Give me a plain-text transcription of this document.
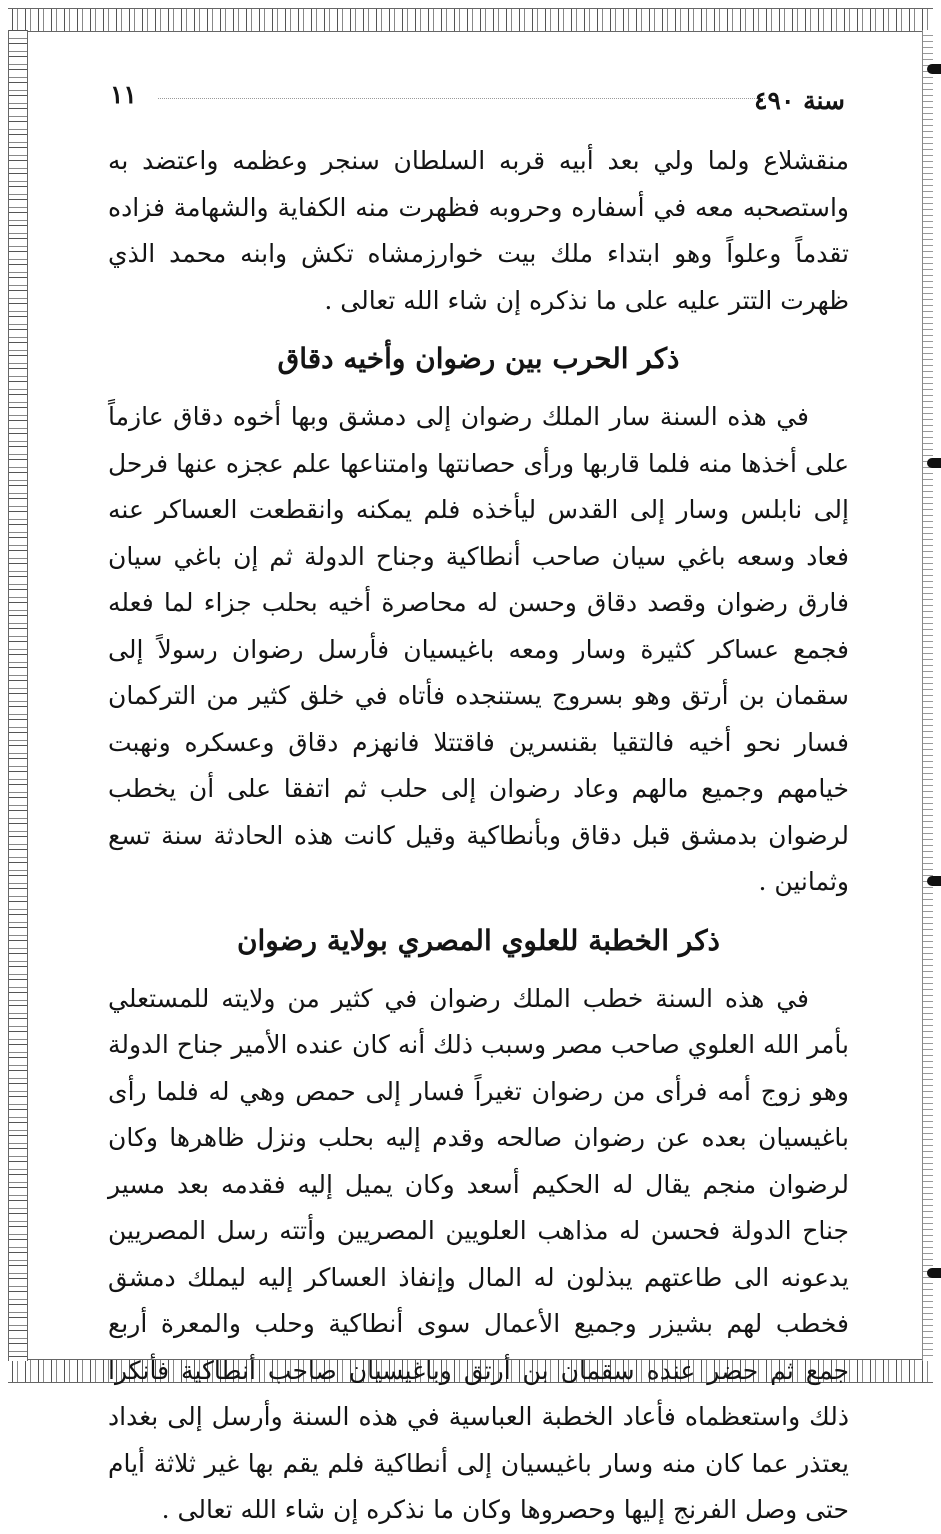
١١	سنة ٤٩٠

منقشلاع ولما ولي بعد أبيه قربه السلطان سنجر وعظمه واعتضد به واستصحبه معه في أسفاره وحروبه فظهرت منه الكفاية والشهامة فزاده تقدماً وعلواً وهو ابتداء ملك بيت خوارزمشاه تكش وابنه محمد الذي ظهرت التتر عليه على ما نذكره إن شاء الله تعالى .

ذكر الحرب بين رضوان وأخيه دقاق

في هذه السنة سار الملك رضوان إلى دمشق وبها أخوه دقاق عازماً على أخذها منه فلما قاربها ورأى حصانتها وامتناعها علم عجزه عنها فرحل إلى نابلس وسار إلى القدس ليأخذه فلم يمكنه وانقطعت العساكر عنه فعاد وسعه باغي سيان صاحب أنطاكية وجناح الدولة ثم إن باغي سيان فارق رضوان وقصد دقاق وحسن له محاصرة أخيه بحلب جزاء لما فعله فجمع عساكر كثيرة وسار ومعه باغيسيان فأرسل رضوان رسولاً إلى سقمان بن أرتق وهو بسروج يستنجده فأتاه في خلق كثير من التركمان فسار نحو أخيه فالتقيا بقنسرين فاقتتلا فانهزم دقاق وعسكره ونهبت خيامهم وجميع مالهم وعاد رضوان إلى حلب ثم اتفقا على أن يخطب لرضوان بدمشق قبل دقاق وبأنطاكية وقيل كانت هذه الحادثة سنة تسع وثمانين .

ذكر الخطبة للعلوي المصري بولاية رضوان

في هذه السنة خطب الملك رضوان في كثير من ولايته للمستعلي بأمر الله العلوي صاحب مصر وسبب ذلك أنه كان عنده الأمير جناح الدولة وهو زوج أمه فرأى من رضوان تغيراً فسار إلى حمص وهي له فلما رأى باغيسيان بعده عن رضوان صالحه وقدم إليه بحلب ونزل ظاهرها وكان لرضوان منجم يقال له الحكيم أسعد وكان يميل إليه فقدمه بعد مسير جناح الدولة فحسن له مذاهب العلويين المصريين وأتته رسل المصريين يدعونه الى طاعتهم يبذلون له المال وإنفاذ العساكر إليه ليملك دمشق فخطب لهم بشيزر وجميع الأعمال سوى أنطاكية وحلب والمعرة أربع جمع ثم حضر عنده سقمان بن أرتق وباغيسيان صاحب أنطاكية فأنكرا ذلك واستعظماه فأعاد الخطبة العباسية في هذه السنة وأرسل إلى بغداد يعتذر عما كان منه وسار باغيسيان إلى أنطاكية فلم يقم بها غير ثلاثة أيام حتى وصل الفرنج إليها وحصروها وكان ما نذكره إن شاء الله تعالى .
